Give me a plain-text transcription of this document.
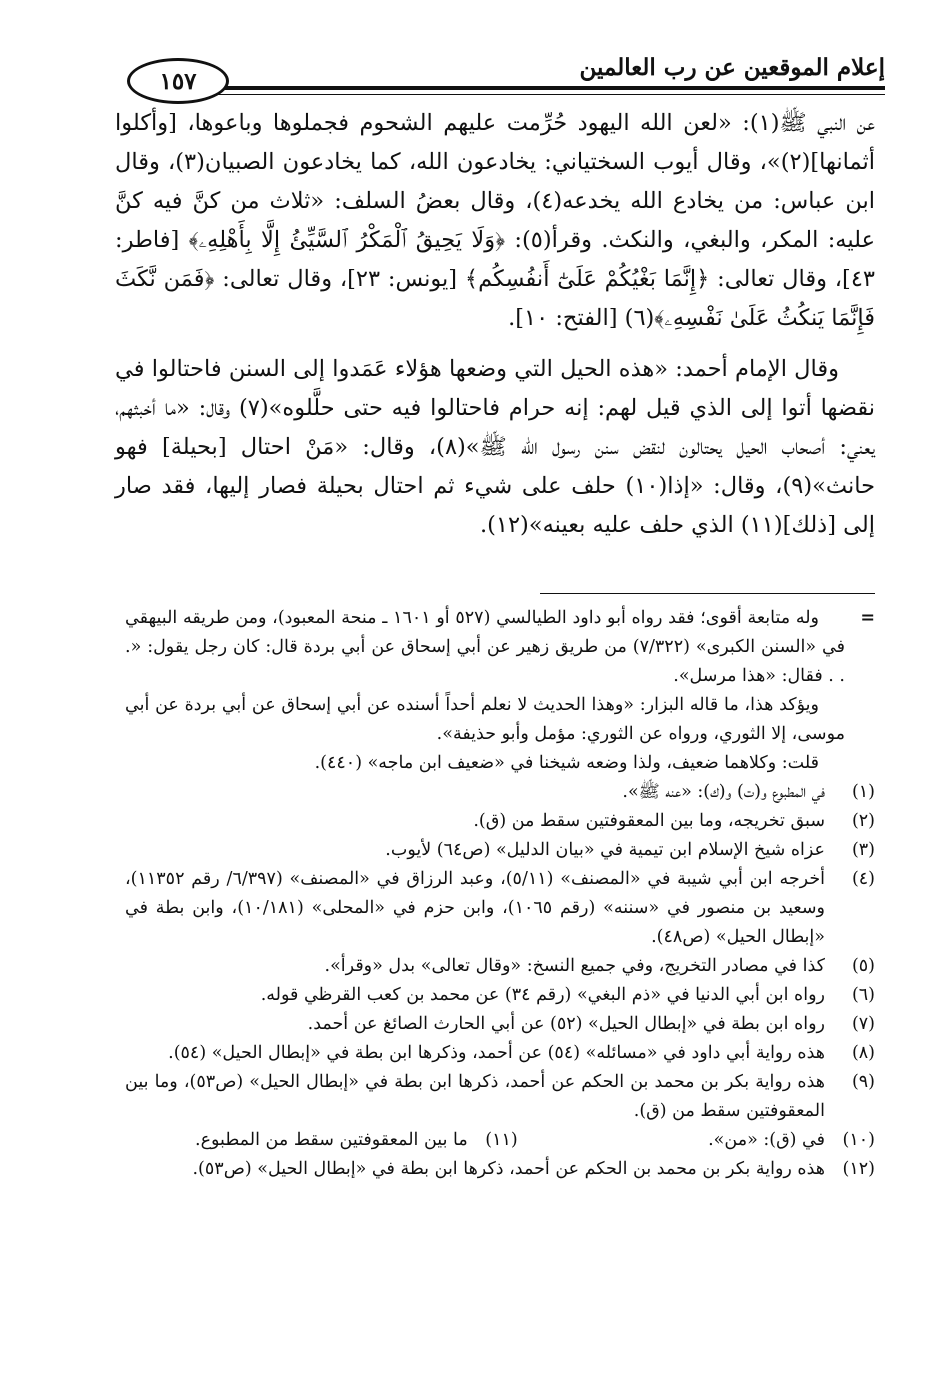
إعلام الموقعين عن رب العالمين
١٥٧

عن النبي ﷺ(١): «لعن الله اليهود حُرِّمت عليهم الشحوم فجملوها وباعوها، [وأكلوا أثمانها](٢)»، وقال أيوب السختياني: يخادعون الله، كما يخادعون الصبيان(٣)، وقال ابن عباس: من يخادع الله يخدعه(٤)، وقال بعضُ السلف: «ثلاث من كنَّ فيه كنَّ عليه: المكر، والبغي، والنكث. وقرأ(٥): ﴿وَلَا يَحِيقُ ٱلْمَكْرُ ٱلسَّيِّئُ إِلَّا بِأَهْلِهِۦ﴾ [فاطر: ٤٣]، وقال تعالى: ﴿إِنَّمَا بَغْيُكُمْ عَلَىٰٓ أَنفُسِكُم﴾ [يونس: ٢٣]، وقال تعالى: ﴿فَمَن نَّكَثَ فَإِنَّمَا يَنكُثُ عَلَىٰ نَفْسِهِۦ﴾(٦) [الفتح: ١٠].

وقال الإمام أحمد: «هذه الحيل التي وضعها هؤلاء عَمَدوا إلى السنن فاحتالوا في نقضها أتوا إلى الذي قيل لهم: إنه حرام فاحتالوا فيه حتى حلَّلوه»(٧) وقال: «ما أخبثهم، يعني: أصحاب الحيل يحتالون لنقض سنن رسول الله ﷺ»(٨)، وقال: «مَنْ احتال [بحيلة] فهو حانث»(٩)، وقال: «إذا(١٠) حلف على شيء ثم احتال بحيلة فصار إليها، فقد صار إلى [ذلك](١١) الذي حلف عليه بعينه»(١٢).

=

وله متابعة أقوى؛ فقد رواه أبو داود الطيالسي (٥٢٧ أو ١٦٠١ ـ منحة المعبود)، ومن طريقه البيهقي في «السنن الكبرى» (٧/٣٢٢) من طريق زهير عن أبي إسحاق عن أبي بردة قال: كان رجل يقول: «. . . فقال: «هذا مرسل».

ويؤكد هذا، ما قاله البزار: «وهذا الحديث لا نعلم أحداً أسنده عن أبي إسحاق عن أبي بردة عن أبي موسى، إلا الثوري، ورواه عن الثوري: مؤمل وأبو حذيفة».

قلت: وكلاهما ضعيف، ولذا وضعه شيخنا في «ضعيف ابن ماجه» (٤٤٠).

(١)
في المطبوع و(ت) و(ك): «عنه ﷺ».
(٢)
سبق تخريجه، وما بين المعقوفتين سقط من (ق).
(٣)
عزاه شيخ الإسلام ابن تيمية في «بيان الدليل» (ص٦٤) لأيوب.
(٤)
أخرجه ابن أبي شيبة في «المصنف» (٥/١١)، وعبد الرزاق في «المصنف» (٦/٣٩٧/ رقم ١١٣٥٢)، وسعيد بن منصور في «سننه» (رقم ١٠٦٥)، وابن حزم في «المحلى» (١٠/١٨١)، وابن بطة في «إبطال الحيل» (ص٤٨).
(٥)
كذا في مصادر التخريج، وفي جميع النسخ: «وقال تعالى» بدل «وقرأ».
(٦)
رواه ابن أبي الدنيا في «ذم البغي» (رقم ٣٤) عن محمد بن كعب القرظي قوله.
(٧)
رواه ابن بطة في «إبطال الحيل» (٥٢) عن أبي الحارث الصائغ عن أحمد.
(٨)
هذه رواية أبي داود في «مسائله» (٥٤) عن أحمد، وذكرها ابن بطة في «إبطال الحيل» (٥٤).
(٩)
هذه رواية بكر بن محمد بن الحكم عن أحمد، ذكرها ابن بطة في «إبطال الحيل» (ص٥٣)، وما بين المعقوفتين سقط من (ق).
(١٠)
في (ق): «من».
(١١)
ما بين المعقوفتين سقط من المطبوع.
(١٢)
هذه رواية بكر بن محمد بن الحكم عن أحمد، ذكرها ابن بطة في «إبطال الحيل» (ص٥٣).
